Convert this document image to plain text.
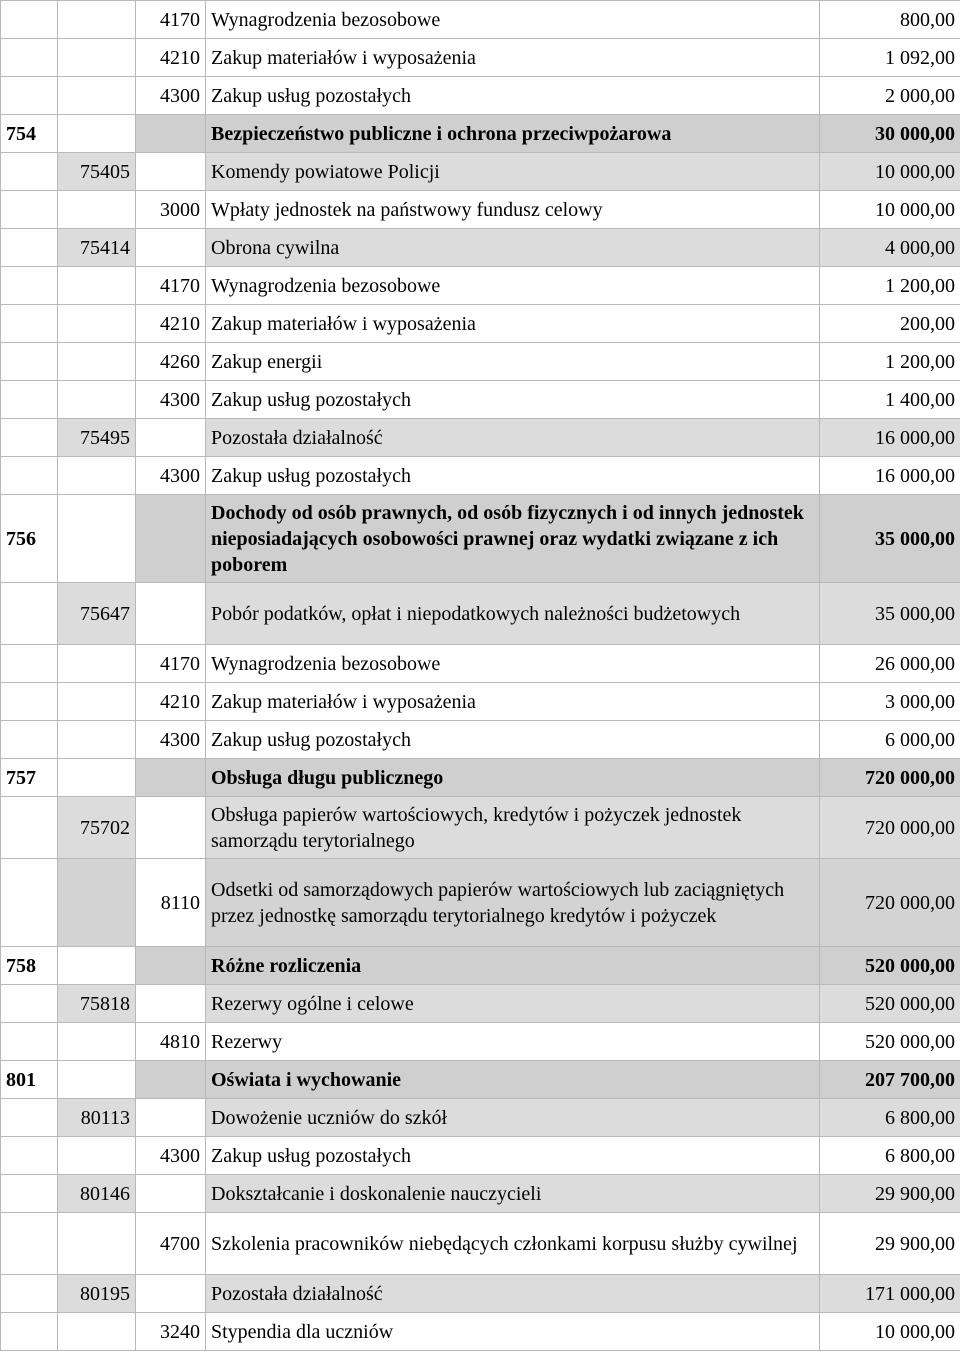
		4170	Wynagrodzenia bezosobowe	800,00
		4210	Zakup materiałów i wyposażenia	1 092,00
		4300	Zakup usług pozostałych	2 000,00
754			Bezpieczeństwo publiczne i ochrona przeciwpożarowa	30 000,00
	75405		Komendy powiatowe Policji	10 000,00
		3000	Wpłaty jednostek na państwowy fundusz celowy	10 000,00
	75414		Obrona cywilna	4 000,00
		4170	Wynagrodzenia bezosobowe	1 200,00
		4210	Zakup materiałów i wyposażenia	200,00
		4260	Zakup energii	1 200,00
		4300	Zakup usług pozostałych	1 400,00
	75495		Pozostała działalność	16 000,00
		4300	Zakup usług pozostałych	16 000,00
756			Dochody od osób prawnych, od osób fizycznych i od innych jednostek nieposiadających osobowości prawnej oraz wydatki związane z ich poborem	35 000,00
	75647		Pobór podatków, opłat i niepodatkowych należności budżetowych	35 000,00
		4170	Wynagrodzenia bezosobowe	26 000,00
		4210	Zakup materiałów i wyposażenia	3 000,00
		4300	Zakup usług pozostałych	6 000,00
757			Obsługa długu publicznego	720 000,00
	75702		Obsługa papierów wartościowych, kredytów i pożyczek jednostek samorządu terytorialnego	720 000,00
		8110	Odsetki od samorządowych papierów wartościowych lub zaciągniętych przez jednostkę samorządu terytorialnego kredytów i pożyczek	720 000,00
758			Różne rozliczenia	520 000,00
	75818		Rezerwy ogólne i celowe	520 000,00
		4810	Rezerwy	520 000,00
801			Oświata i wychowanie	207 700,00
	80113		Dowożenie uczniów do szkół	6 800,00
		4300	Zakup usług pozostałych	6 800,00
	80146		Dokształcanie i doskonalenie nauczycieli	29 900,00
		4700	Szkolenia pracowników niebędących członkami korpusu służby cywilnej	29 900,00
	80195		Pozostała działalność	171 000,00
		3240	Stypendia dla uczniów	10 000,00
